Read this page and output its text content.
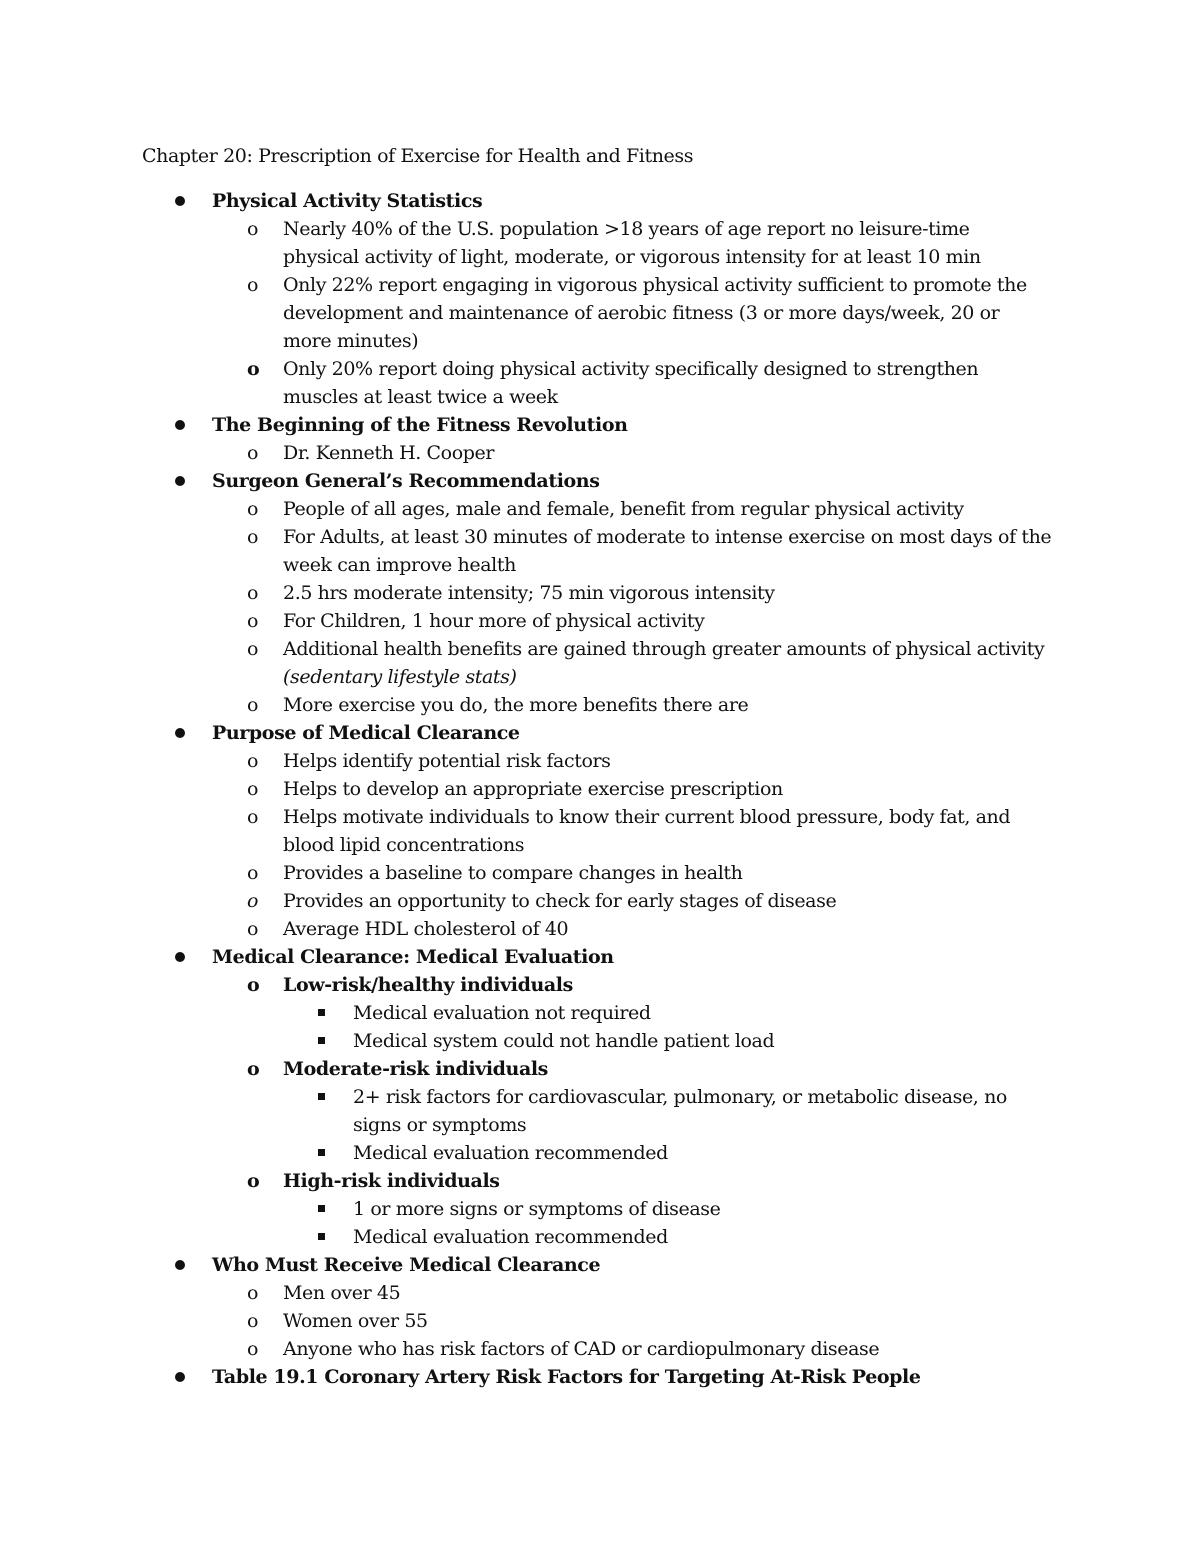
Chapter 20: Prescription of Exercise for Health and Fitness
Physical Activity Statistics
o Nearly 40% of the U.S. population >18 years of age report no leisure-time
physical activity of light, moderate, or vigorous intensity for at least 10 min
o Only 22% report engaging in vigorous physical activity sufficient to promote the
development and maintenance of aerobic fitness (3 or more days/week, 20 or
more minutes)
o Only 20% report doing physical activity specifically designed to strengthen
muscles at least twice a week
The Beginning of the Fitness Revolution
o Dr. Kenneth H. Cooper
Surgeon General’s Recommendations
o People of all ages, male and female, benefit from regular physical activity
o For Adults, at least 30 minutes of moderate to intense exercise on most days of the
week can improve health
o 2.5 hrs moderate intensity; 75 min vigorous intensity
o For Children, 1 hour more of physical activity
o Additional health benefits are gained through greater amounts of physical activity
(sedentary lifestyle stats)
o More exercise you do, the more benefits there are
Purpose of Medical Clearance
o Helps identify potential risk factors
o Helps to develop an appropriate exercise prescription
o Helps motivate individuals to know their current blood pressure, body fat, and
blood lipid concentrations
o Provides a baseline to compare changes in health
o Provides an opportunity to check for early stages of disease
o Average HDL cholesterol of 40
Medical Clearance: Medical Evaluation
o Low-risk/healthy individuals
Medical evaluation not required
Medical system could not handle patient load
o Moderate-risk individuals
2+ risk factors for cardiovascular, pulmonary, or metabolic disease, no
signs or symptoms
Medical evaluation recommended
o High-risk individuals
1 or more signs or symptoms of disease
Medical evaluation recommended
Who Must Receive Medical Clearance
o Men over 45
o Women over 55
o Anyone who has risk factors of CAD or cardiopulmonary disease
Table 19.1 Coronary Artery Risk Factors for Targeting At-Risk People
